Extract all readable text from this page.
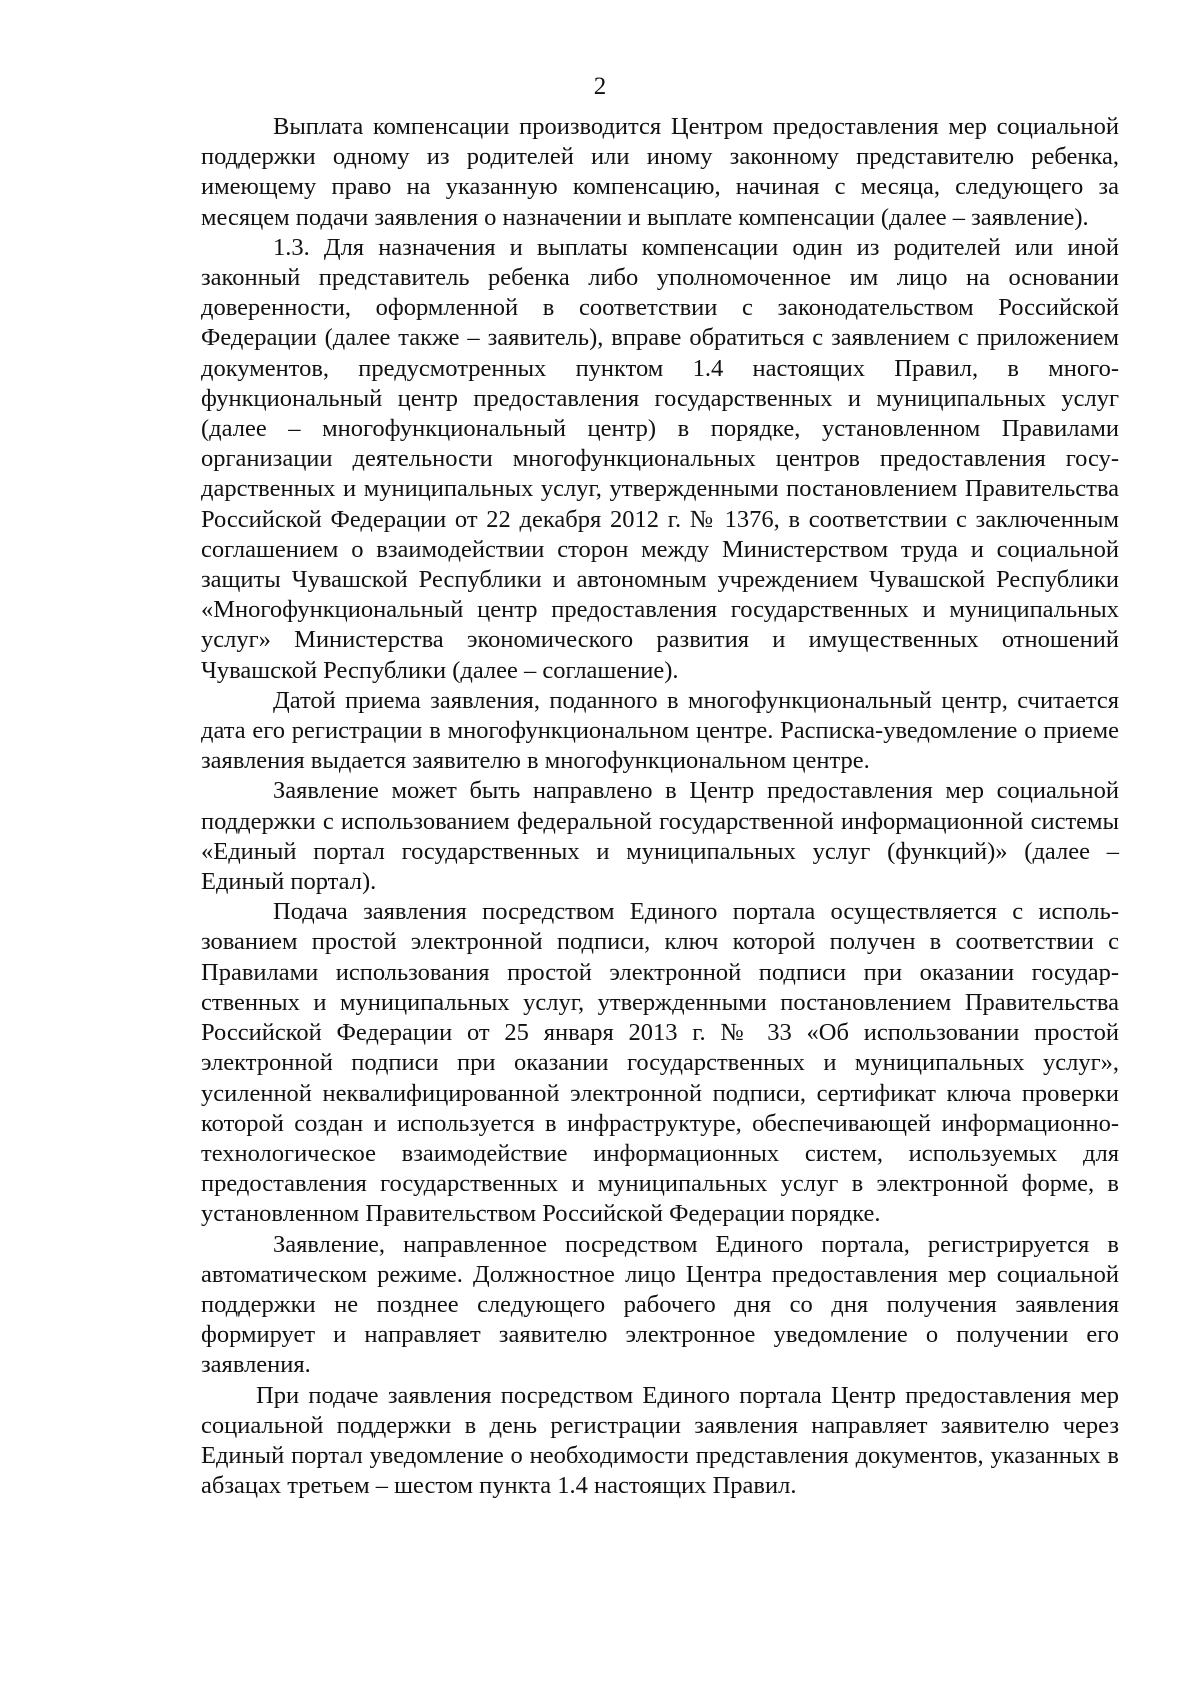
2

Выплата компенсации производится Центром предоставления мер социальной поддержки одному из родителей или иному законному представителю ребенка, имеющему право на указанную компенсацию, начиная с месяца, следующего за месяцем подачи заявления о назначении и выплате компенсации (далее – заявление).

1.3. Для назначения и выплаты компенсации один из родителей или иной законный представитель ребенка либо уполномоченное им лицо на основании доверенности, оформленной в соответствии с законодательством Российской Федерации (далее также – заявитель), вправе обратиться с заявлением с приложением документов, предусмотренных пунктом 1.4 настоящих Правил, в многофункциональный центр предоставления государственных и муниципальных услуг (далее – многофункциональный центр) в порядке, установленном Правилами организации деятельности многофункциональных центров предоставления государственных и муниципальных услуг, утвержденными постановлением Правительства Российской Федерации от 22 декабря 2012 г. № 1376, в соответствии с заключенным соглашением о взаимодействии сторон между Министерством труда и социальной защиты Чувашской Республики и автономным учреждением Чувашской Республики «Многофункциональный центр предоставления государственных и муниципальных услуг» Министерства экономического развития и имущественных отношений Чувашской Республики (далее – соглашение).

Датой приема заявления, поданного в многофункциональный центр, считается дата его регистрации в многофункциональном центре. Расписка-уведомление о приеме заявления выдается заявителю в многофункциональном центре.

Заявление может быть направлено в Центр предоставления мер социальной поддержки с использованием федеральной государственной информационной системы «Единый портал государственных и муниципальных услуг (функций)» (далее – Единый портал).

Подача заявления посредством Единого портала осуществляется с использованием простой электронной подписи, ключ которой получен в соответствии с Правилами использования простой электронной подписи при оказании государственных и муниципальных услуг, утвержденными постановлением Правительства Российской Федерации от 25 января 2013 г. № 33 «Об использовании простой электронной подписи при оказании государственных и муниципальных услуг», усиленной неквалифицированной электронной подписи, сертификат ключа проверки которой создан и используется в инфраструктуре, обеспечивающей информационно-технологическое взаимодействие информационных систем, используемых для предоставления государственных и муниципальных услуг в электронной форме, в установленном Правительством Российской Федерации порядке.

Заявление, направленное посредством Единого портала, регистрируется в автоматическом режиме. Должностное лицо Центра предоставления мер социальной поддержки не позднее следующего рабочего дня со дня получения заявления формирует и направляет заявителю электронное уведомление о получении его заявления.

При подаче заявления посредством Единого портала Центр предоставления мер социальной поддержки в день регистрации заявления направляет заявителю через Единый портал уведомление о необходимости представления документов, указанных в абзацах третьем – шестом пункта 1.4 настоящих Правил.
